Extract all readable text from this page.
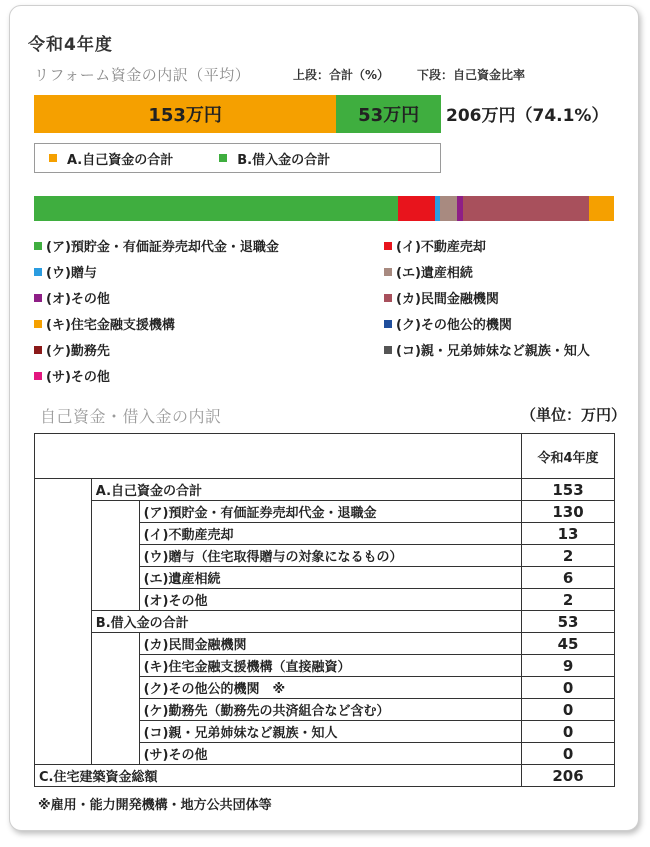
令和4年度
リフォーム資金の内訳（平均）	上段：合計（%） 下段：自己資金比率
153万円	53万円 206万円（74.1%）
A.自己資金の合計	B.借入金の合計
(ア)預貯金・有価証券売却代金・退職金	(イ)不動産売却
(ウ)贈与	(エ)遺産相続
(オ)その他	(カ)民間金融機関
(キ)住宅金融支援機構	(ク)その他公的機関
(ケ)勤務先	(コ)親・兄弟姉妹など親族・知人
(サ)その他
自己資金・借入金の内訳	（単位：万円）
			令和4年度
	A.自己資金の合計		153
		(ア)預貯金・有価証券売却代金・退職金	130
		(イ)不動産売却	13
		(ウ)贈与（住宅取得贈与の対象になるもの）	2
		(エ)遺産相続	6
		(オ)その他	2
	B.借入金の合計		53
		(カ)民間金融機関	45
		(キ)住宅金融支援機構（直接融資）	9
		(ク)その他公的機関　※	0
		(ケ)勤務先（勤務先の共済組合など含む）	0
		(コ)親・兄弟姉妹など親族・知人	0
		(サ)その他	0
C.住宅建築資金総額			206
※雇用・能力開発機構・地方公共団体等
